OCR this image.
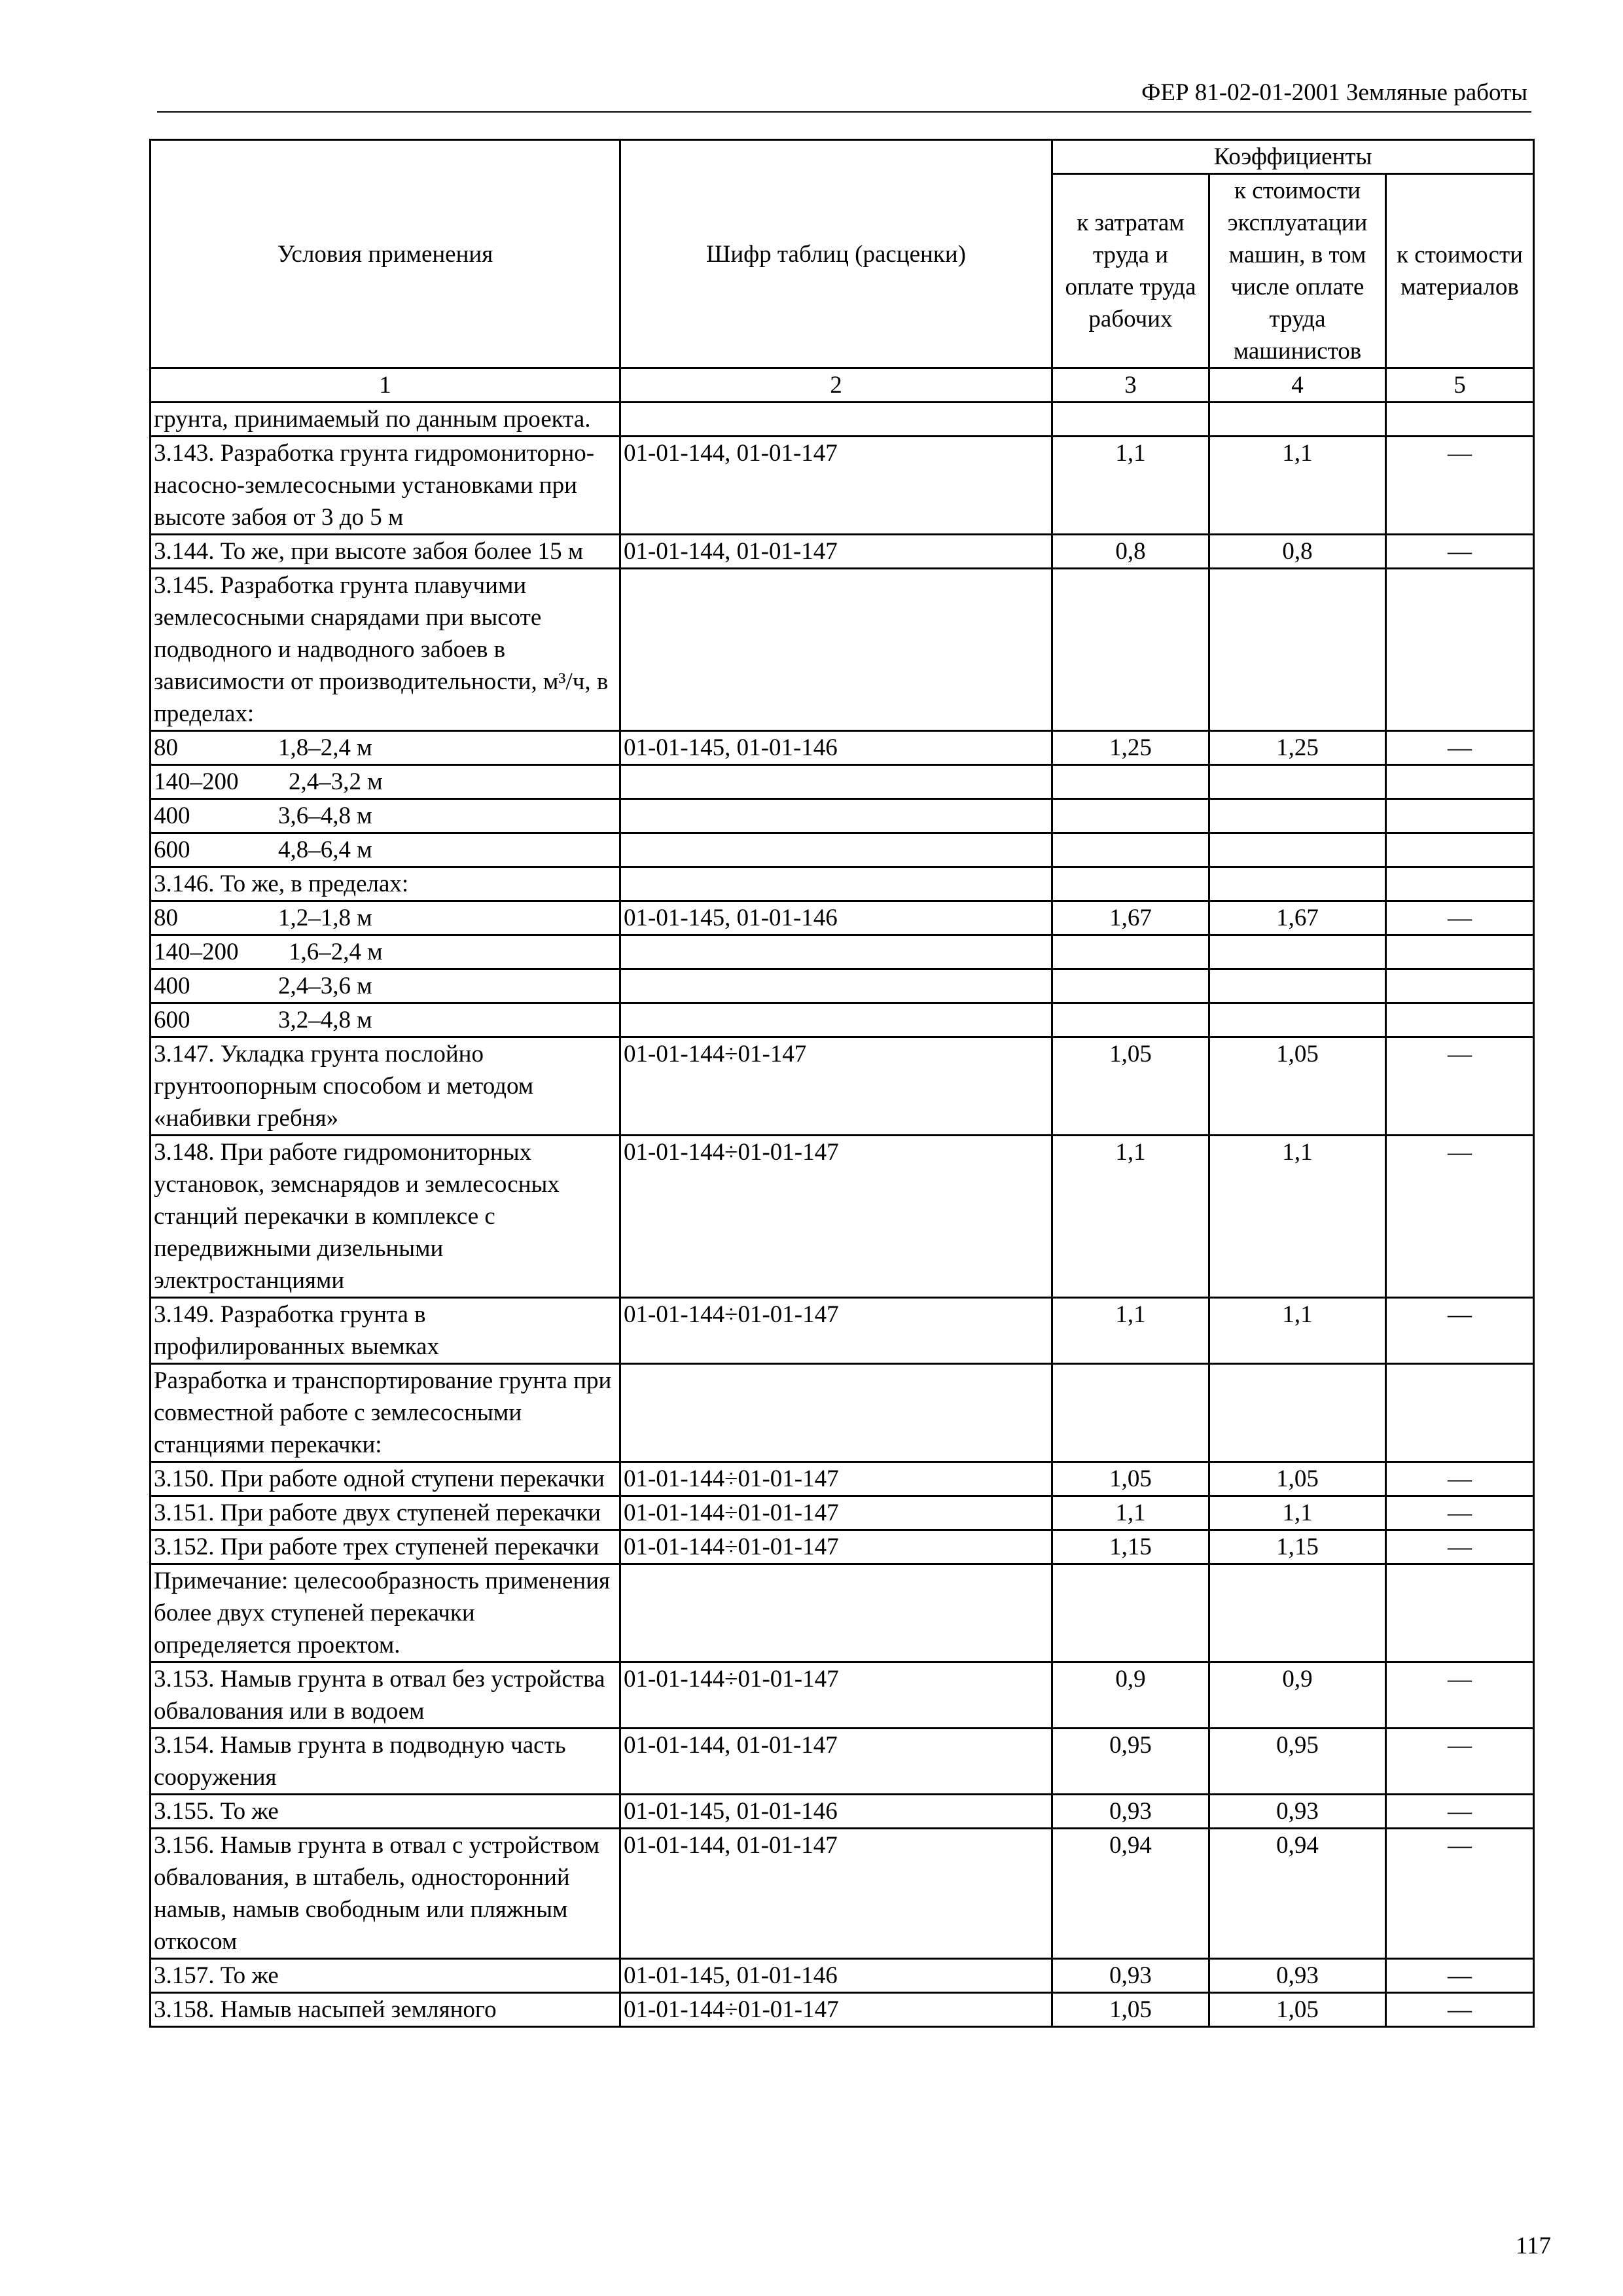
ФЕР 81-02-01-2001 Земляные работы
Условия применения	Шифр таблиц (расценки)	Коэффициенты		
		к затратам труда и оплате труда рабочих	к стоимости эксплуатации машин, в том числе оплате труда машинистов	к стоимости материалов
1	2	3	4	5
грунта, принимаемый по данным проекта.				
3.143. Разработка грунта гидромониторно-насосно-землесосными установками при высоте забоя от 3 до 5 м	01-01-144, 01-01-147	1,1	1,1	—
3.144. То же, при высоте забоя более 15 м	01-01-144, 01-01-147	0,8	0,8	—
3.145. Разработка грунта плавучими землесосными снарядами при высоте подводного и надводного забоев в зависимости от производительности, м³/ч, в пределах:				

80 1,8–2,4 м	01-01-145, 01-01-146	1,25	1,25	—

140–200 2,4–3,2 м				

400 3,6–4,8 м				

600 4,8–6,4 м				

3.146. То же, в пределах:				

80 1,2–1,8 м	01-01-145, 01-01-146	1,67	1,67	—

140–200 1,6–2,4 м				

400 2,4–3,6 м				

600 3,2–4,8 м				

3.147. Укладка грунта послойно грунтоопорным способом и методом «набивки гребня»	01-01-144÷01-147	1,05	1,05	—
3.148. При работе гидромониторных установок, земснарядов и землесосных станций перекачки в комплексе с передвижными дизельными электростанциями	01-01-144÷01-01-147	1,1	1,1	—
3.149. Разработка грунта в профилированных выемках	01-01-144÷01-01-147	1,1	1,1	—
Разработка и транспортирование грунта при совместной работе с землесосными станциями перекачки:				
3.150. При работе одной ступени перекачки	01-01-144÷01-01-147	1,05	1,05	—
3.151. При работе двух ступеней перекачки	01-01-144÷01-01-147	1,1	1,1	—
3.152. При работе трех ступеней перекачки	01-01-144÷01-01-147	1,15	1,15	—
Примечание: целесообразность применения более двух ступеней перекачки определяется проектом.				
3.153. Намыв грунта в отвал без устройства обвалования или в водоем	01-01-144÷01-01-147	0,9	0,9	—
3.154. Намыв грунта в подводную часть сооружения	01-01-144, 01-01-147	0,95	0,95	—
3.155. То же	01-01-145, 01-01-146	0,93	0,93	—
3.156. Намыв грунта в отвал с устройством обвалования, в штабель, односторонний намыв, намыв свободным или пляжным откосом	01-01-144, 01-01-147	0,94	0,94	—
3.157. То же	01-01-145, 01-01-146	0,93	0,93	—
3.158. Намыв насыпей земляного	01-01-144÷01-01-147	1,05	1,05	—
117
